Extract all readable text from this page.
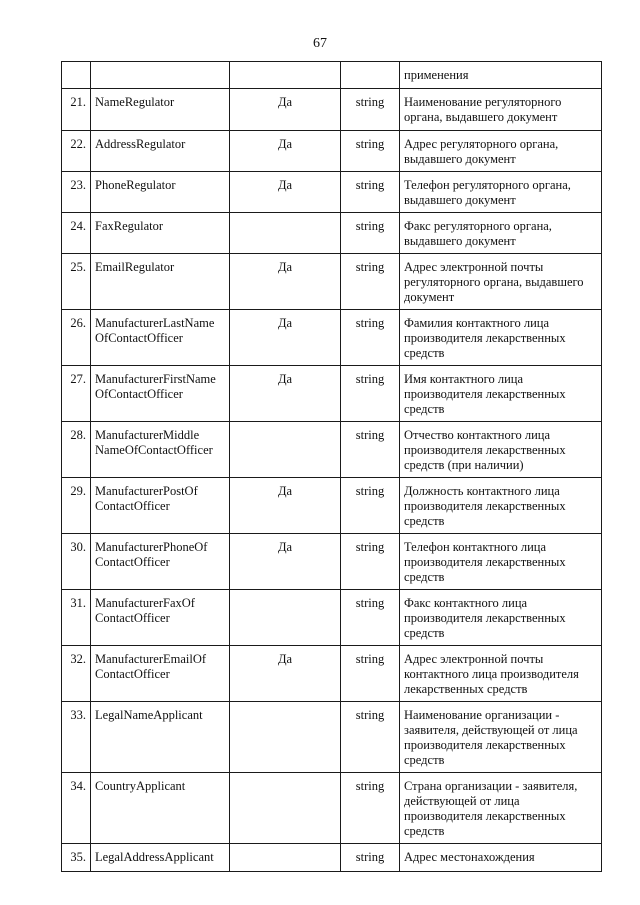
67
				применения
21.	NameRegulator	Да	string	Наименование регуляторного органа, выдавшего документ
22.	AddressRegulator	Да	string	Адрес регуляторного органа, выдавшего документ
23.	PhoneRegulator	Да	string	Телефон регуляторного органа, выдавшего документ
24.	FaxRegulator		string	Факс регуляторного органа, выдавшего документ
25.	EmailRegulator	Да	string	Адрес электронной почты регуляторного органа, выдавшего документ
26.	ManufacturerLastName OfContactOfficer	Да	string	Фамилия контактного лица производителя лекарственных средств
27.	ManufacturerFirstName OfContactOfficer	Да	string	Имя контактного лица производителя лекарственных средств
28.	ManufacturerMiddle NameOfContactOfficer		string	Отчество контактного лица производителя лекарственных средств (при наличии)
29.	ManufacturerPostOf ContactOfficer	Да	string	Должность контактного лица производителя лекарственных средств
30.	ManufacturerPhoneOf ContactOfficer	Да	string	Телефон контактного лица производителя лекарственных средств
31.	ManufacturerFaxOf ContactOfficer		string	Факс контактного лица производителя лекарственных средств
32.	ManufacturerEmailOf ContactOfficer	Да	string	Адрес электронной почты контактного лица производителя лекарственных средств
33.	LegalNameApplicant		string	Наименование организации - заявителя, действующей от лица производителя лекарственных средств
34.	CountryApplicant		string	Страна организации - заявителя, действующей от лица производителя лекарственных средств
35.	LegalAddressApplicant		string	Адрес местонахождения
